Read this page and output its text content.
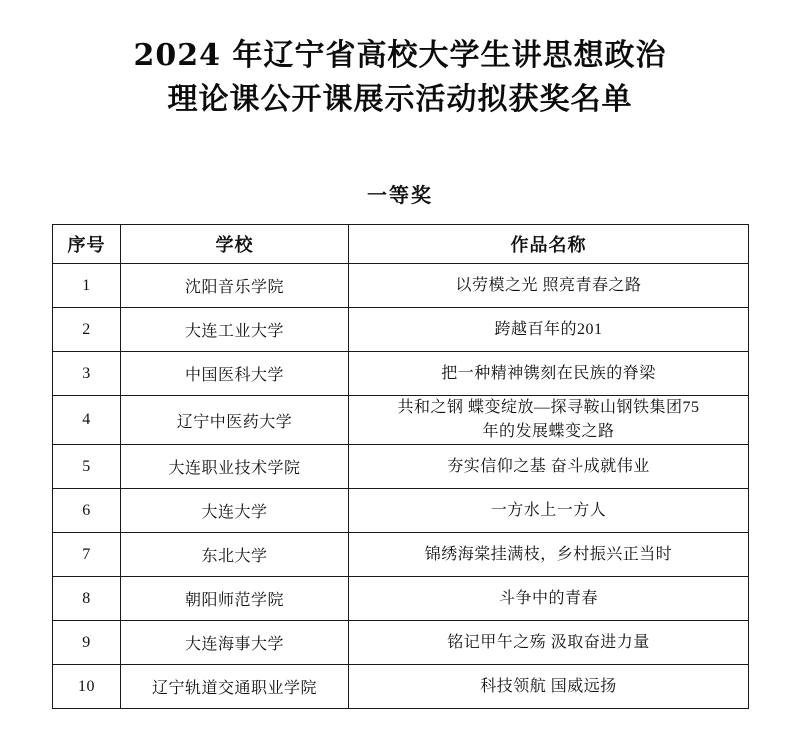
2024 年辽宁省高校大学生讲思想政治
理论课公开课展示活动拟获奖名单
一等奖
序号	学校	作品名称
1	沈阳音乐学院	以劳模之光 照亮青春之路
2	大连工业大学	跨越百年的201
3	中国医科大学	把一种精神镌刻在民族的脊梁
4	辽宁中医药大学	共和之钢 蝶变绽放—探寻鞍山钢铁集团75
年的发展蝶变之路

5	大连职业技术学院	夯实信仰之基 奋斗成就伟业
6	大连大学	一方水上一方人
7	东北大学	锦绣海棠挂满枝，乡村振兴正当时
8	朝阳师范学院	斗争中的青春
9	大连海事大学	铭记甲午之殇 汲取奋进力量
10	辽宁轨道交通职业学院	科技领航 国威远扬
